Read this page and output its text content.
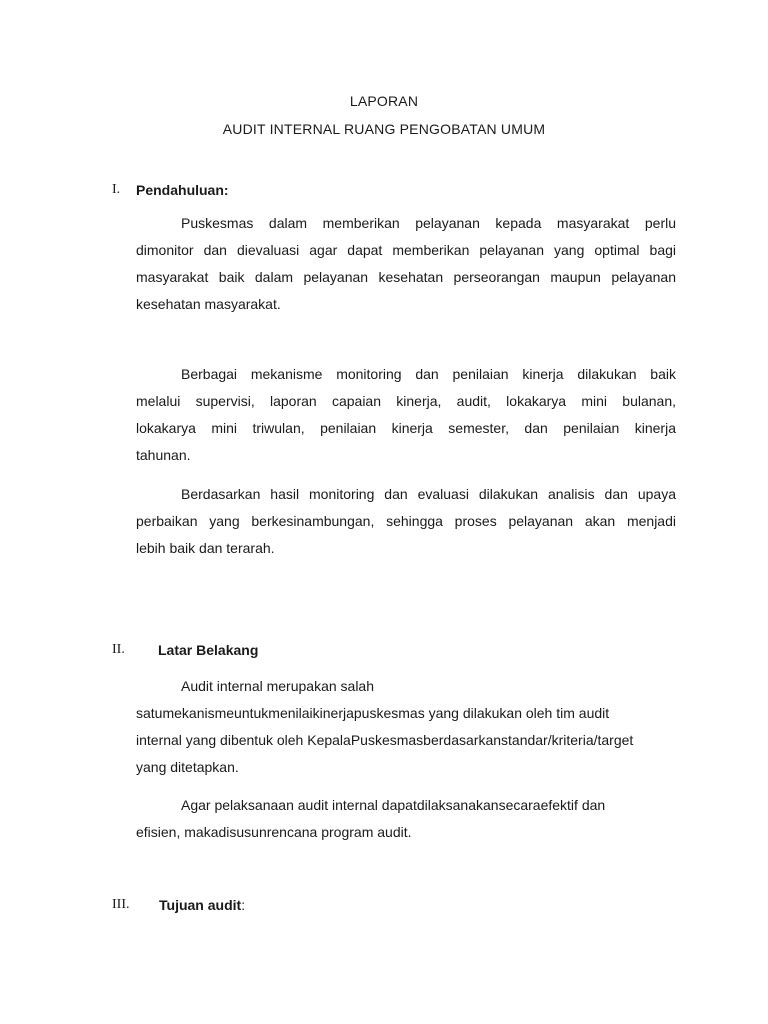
LAPORAN
AUDIT INTERNAL RUANG PENGOBATAN UMUM
I. Pendahuluan:
Puskesmas dalam memberikan pelayanan kepada masyarakat perlu
dimonitor dan dievaluasi agar dapat memberikan pelayanan yang optimal bagi
masyarakat baik dalam pelayanan kesehatan perseorangan maupun pelayanan
kesehatan masyarakat.
Berbagai mekanisme monitoring dan penilaian kinerja dilakukan baik
melalui supervisi, laporan capaian kinerja, audit, lokakarya mini bulanan,
lokakarya mini triwulan, penilaian kinerja semester, dan penilaian kinerja
tahunan.
Berdasarkan hasil monitoring dan evaluasi dilakukan analisis dan upaya
perbaikan yang berkesinambungan, sehingga proses pelayanan akan menjadi
lebih baik dan terarah.
II. Latar Belakang
Audit internal merupakan salah
satumekanismeuntukmenilaikinerjapuskesmas yang dilakukan oleh tim audit
internal yang dibentuk oleh KepalaPuskesmasberdasarkanstandar/kriteria/target
yang ditetapkan.
Agar pelaksanaan audit internal dapatdilaksanakansecaraefektif dan
efisien, makadisusunrencana program audit.
III. Tujuan audit:
